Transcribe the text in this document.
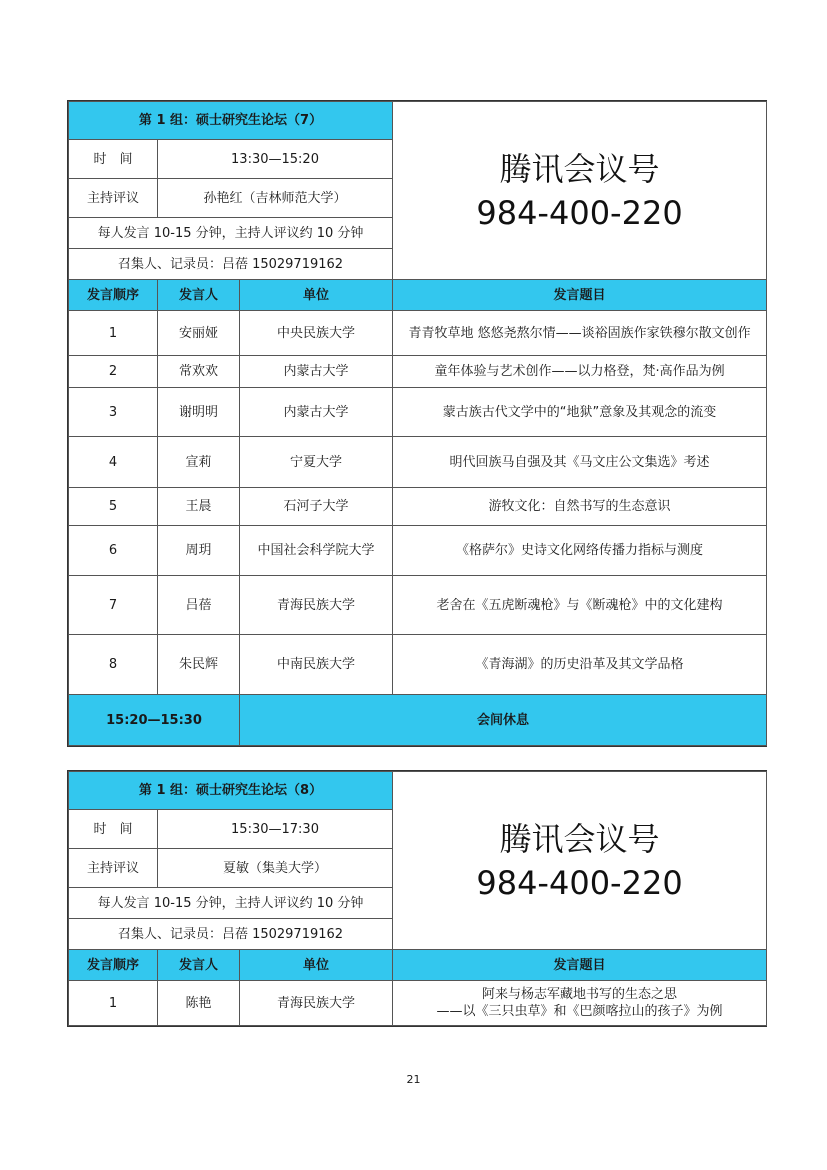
第 1 组：硕士研究生论坛（7）			腾讯会议号
984-400-220

时　间	13:30—15:20		
主持评议	孙艳红（吉林师范大学）		
每人发言 10-15 分钟，主持人评议约 10 分钟			
召集人、记录员：吕蓓 15029719162			
发言顺序	发言人	单位	发言题目
1	安丽娅	中央民族大学	青青牧草地 悠悠尧熬尔情——谈裕固族作家铁穆尔散文创作
2	常欢欢	内蒙古大学	童年体验与艺术创作——以力格登，梵·高作品为例
3	谢明明	内蒙古大学	蒙古族古代文学中的“地狱”意象及其观念的流变
4	宣莉	宁夏大学	明代回族马自强及其《马文庄公文集选》考述
5	王晨	石河子大学	游牧文化：自然书写的生态意识
6	周玥	中国社会科学院大学	《格萨尔》史诗文化网络传播力指标与测度
7	吕蓓	青海民族大学	老舍在《五虎断魂枪》与《断魂枪》中的文化建构
8	朱民辉	中南民族大学	《青海湖》的历史沿革及其文学品格
15:20—15:30		会间休息	
第 1 组：硕士研究生论坛（8）			腾讯会议号
984-400-220

时　间	15:30—17:30		
主持评议	夏敏（集美大学）		
每人发言 10-15 分钟，主持人评议约 10 分钟			
召集人、记录员：吕蓓 15029719162			
发言顺序	发言人	单位	发言题目
1	陈艳	青海民族大学	阿来与杨志军藏地书写的生态之思
——以《三只虫草》和《巴颜喀拉山的孩子》为例
21
